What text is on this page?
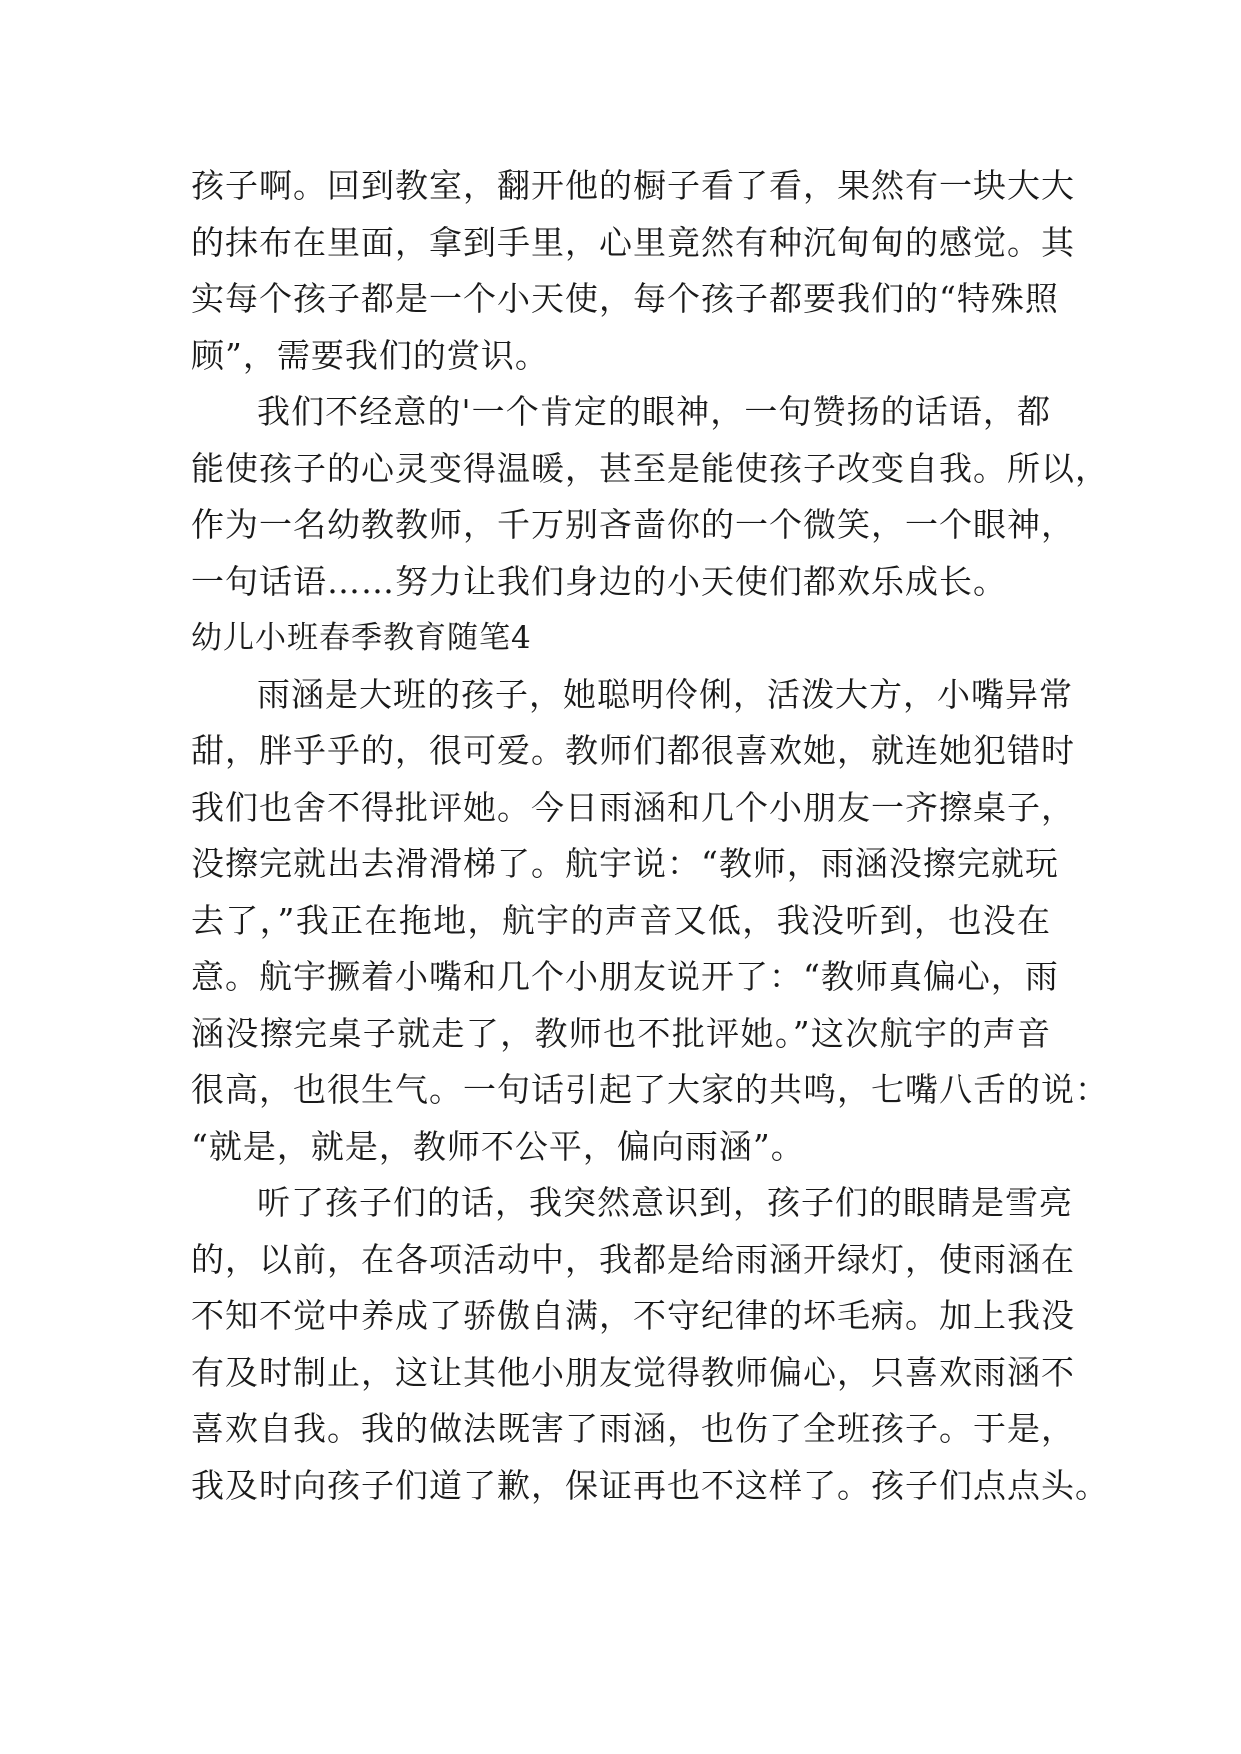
孩子啊。回到教室，翻开他的橱子看了看，果然有一块大大
的抹布在里面，拿到手里，心里竟然有种沉甸甸的感觉。其
实每个孩子都是一个小天使，每个孩子都要我们的“特殊照
顾”，需要我们的赏识。
我们不经意的'一个肯定的眼神，一句赞扬的话语，都
能使孩子的心灵变得温暖，甚至是能使孩子改变自我。所以，
作为一名幼教教师，千万别吝啬你的一个微笑，一个眼神，
一句话语……努力让我们身边的小天使们都欢乐成长。
幼儿小班春季教育随笔4
雨涵是大班的孩子，她聪明伶俐，活泼大方，小嘴异常
甜，胖乎乎的，很可爱。教师们都很喜欢她，就连她犯错时
我们也舍不得批评她。今日雨涵和几个小朋友一齐擦桌子，
没擦完就出去滑滑梯了。航宇说：“教师，雨涵没擦完就玩
去了，”我正在拖地，航宇的声音又低，我没听到，也没在
意。航宇撅着小嘴和几个小朋友说开了：“教师真偏心，雨
涵没擦完桌子就走了，教师也不批评她。”这次航宇的声音
很高，也很生气。一句话引起了大家的共鸣，七嘴八舌的说：
“就是，就是，教师不公平，偏向雨涵”。
听了孩子们的话，我突然意识到，孩子们的眼睛是雪亮
的，以前，在各项活动中，我都是给雨涵开绿灯，使雨涵在
不知不觉中养成了骄傲自满，不守纪律的坏毛病。加上我没
有及时制止，这让其他小朋友觉得教师偏心，只喜欢雨涵不
喜欢自我。我的做法既害了雨涵，也伤了全班孩子。于是，
我及时向孩子们道了歉，保证再也不这样了。孩子们点点头。
